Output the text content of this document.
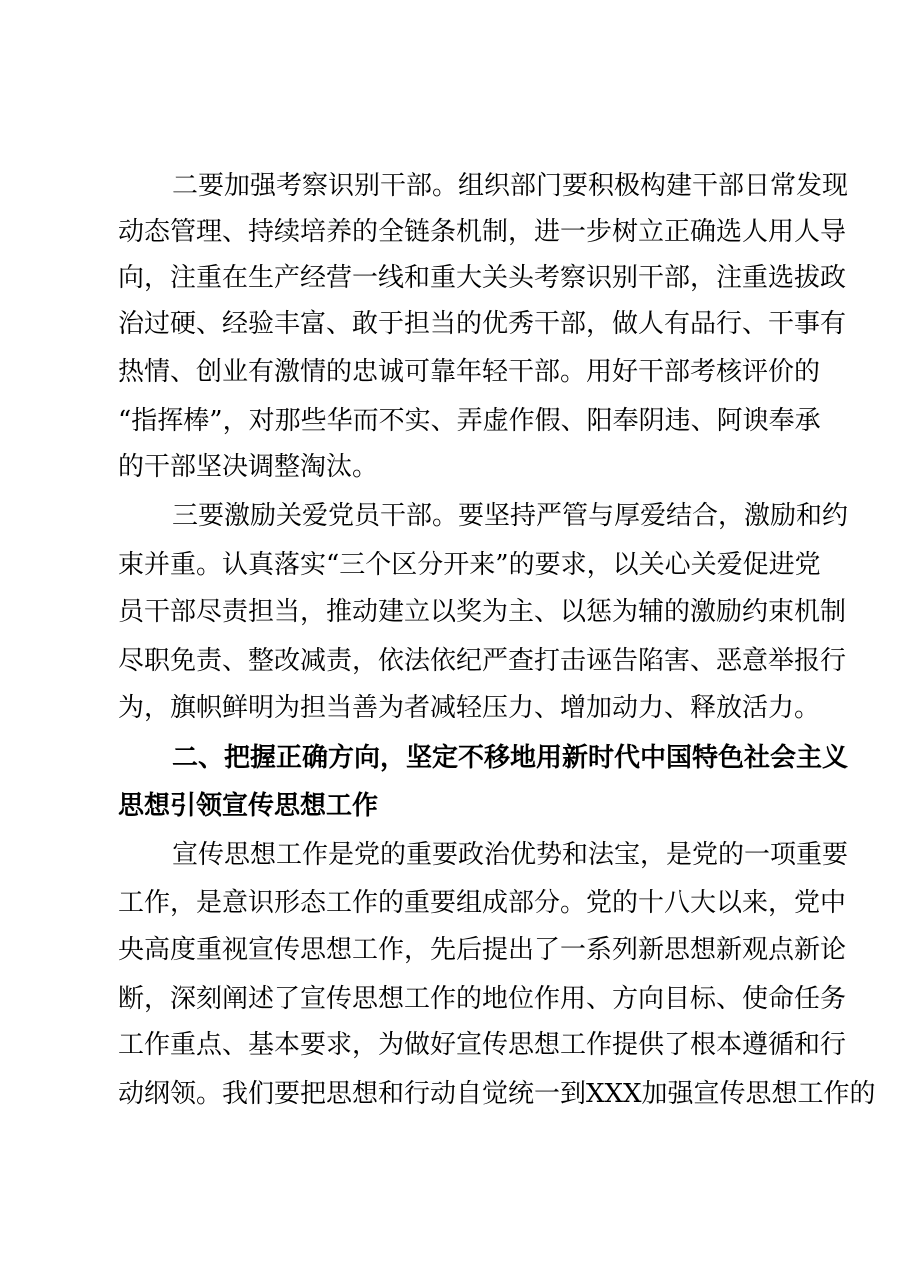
二要加强考察识别干部。组织部门要积极构建干部日常发现
动态管理、持续培养的全链条机制，进一步树立正确选人用人导
向，注重在生产经营一线和重大关头考察识别干部，注重选拔政
治过硬、经验丰富、敢于担当的优秀干部，做人有品行、干事有
热情、创业有激情的忠诚可靠年轻干部。用好干部考核评价的
“指挥棒”，对那些华而不实、弄虚作假、阳奉阴违、阿谀奉承
的干部坚决调整淘汰。
三要激励关爱党员干部。要坚持严管与厚爱结合，激励和约
束并重。认真落实“三个区分开来”的要求，以关心关爱促进党
员干部尽责担当，推动建立以奖为主、以惩为辅的激励约束机制
尽职免责、整改减责，依法依纪严查打击诬告陷害、恶意举报行
为，旗帜鲜明为担当善为者减轻压力、增加动力、释放活力。
二、把握正确方向，坚定不移地用新时代中国特色社会主义
思想引领宣传思想工作
宣传思想工作是党的重要政治优势和法宝，是党的一项重要
工作，是意识形态工作的重要组成部分。党的十八大以来，党中
央高度重视宣传思想工作，先后提出了一系列新思想新观点新论
断，深刻阐述了宣传思想工作的地位作用、方向目标、使命任务
工作重点、基本要求，为做好宣传思想工作提供了根本遵循和行
动纲领。我们要把思想和行动自觉统一到XXX加强宣传思想工作的
